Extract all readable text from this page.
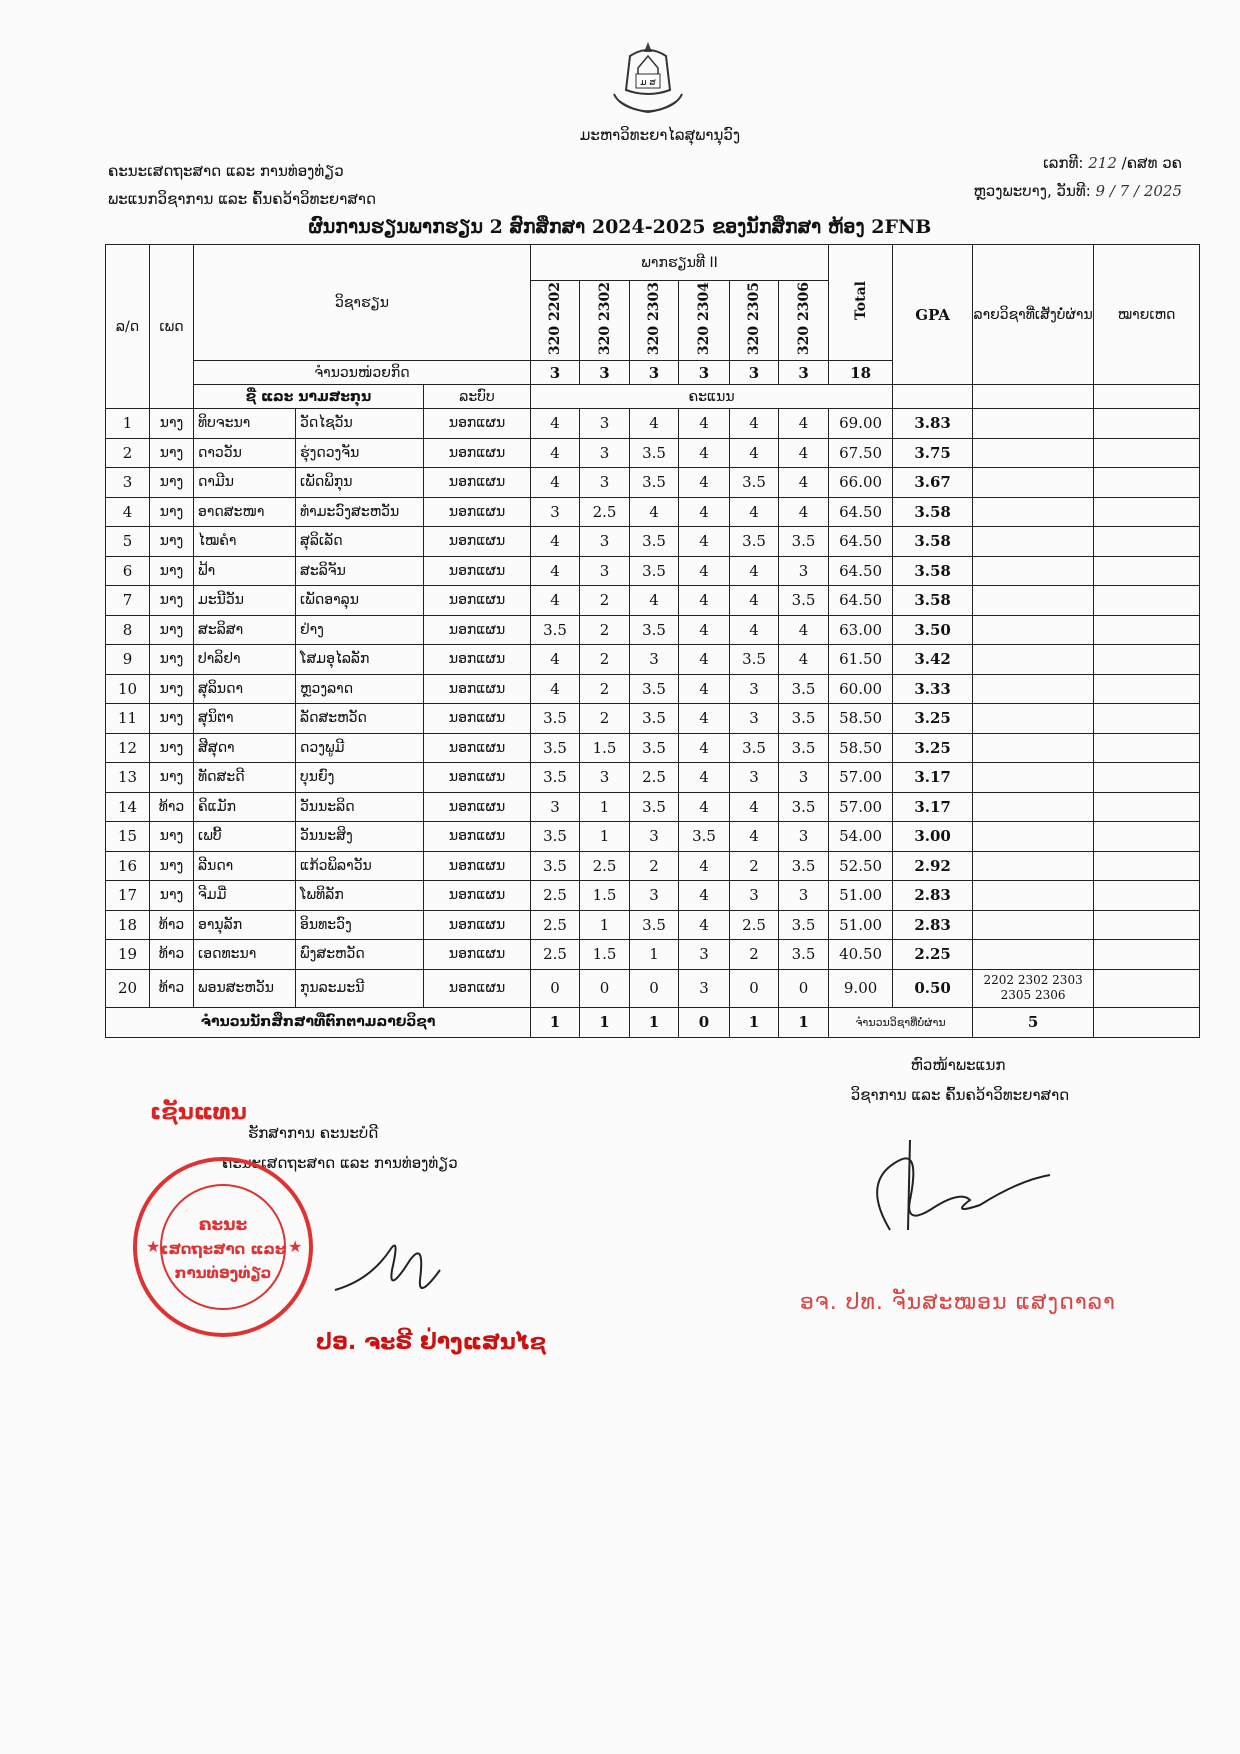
ມ ສ
ມະຫາວິທະຍາໄລສຸພານຸວົງ
ຄະນະເສດຖະສາດ ແລະ ການທ່ອງທ່ຽວ
ພະແນກວິຊາການ ແລະ ຄົ້ນຄວ້າວິທະຍາສາດ
ເລກທີ: 212 /ຄສທ ວຄ
ຫຼວງພະບາງ, ວັນທີ: 9 / 7 / 2025
ຜົນການຮຽນພາກຮຽນ 2 ສົກສຶກສາ 2024-2025 ຂອງນັກສຶກສາ ຫ້ອງ 2FNB
ລ/ດ	ເພດ	ວິຊາຮຽນ			ພາກຮຽນທີ II						Total	GPA	ລາຍວິຊາທີ່ເສັງບໍ່ຜ່ານ	ໝາຍເຫດ
					320 2202	320 2302	320 2303	320 2304	320 2305	320 2306				
		ຈຳນວນໜ່ວຍກິດ			3	3	3	3	3	3	18			
		ຊື່ ແລະ ນາມສະກຸນ		ລະບົບ	ຄະແນນ									
1	ນາງ	ທິບຈະນາ	ວັດໄຊວັນ	ນອກແຜນ	4	3	4	4	4	4	69.00	3.83		
2	ນາງ	ດາວວັນ	ຮຸ່ງດວງຈັນ	ນອກແຜນ	4	3	3.5	4	4	4	67.50	3.75		
3	ນາງ	ດາມີນ	ເພັດພິກຸນ	ນອກແຜນ	4	3	3.5	4	3.5	4	66.00	3.67		
4	ນາງ	ອາດສະໜາ	ທຳມະວົງສະຫວັນ	ນອກແຜນ	3	2.5	4	4	4	4	64.50	3.58		
5	ນາງ	ໄໝຄຳ	ສຸລິເລັດ	ນອກແຜນ	4	3	3.5	4	3.5	3.5	64.50	3.58		
6	ນາງ	ຟ້າ	ສະລິຈັນ	ນອກແຜນ	4	3	3.5	4	4	3	64.50	3.58		
7	ນາງ	ມະນີວັນ	ເພັດອາລຸນ	ນອກແຜນ	4	2	4	4	4	3.5	64.50	3.58		
8	ນາງ	ສະລິສາ	ຢ່າງ	ນອກແຜນ	3.5	2	3.5	4	4	4	63.00	3.50		
9	ນາງ	ປາລິຢາ	ໂສມອຸໄລລັກ	ນອກແຜນ	4	2	3	4	3.5	4	61.50	3.42		
10	ນາງ	ສຸລິນດາ	ຫຼວງລາດ	ນອກແຜນ	4	2	3.5	4	3	3.5	60.00	3.33		
11	ນາງ	ສຸນິຕາ	ລັດສະຫວັດ	ນອກແຜນ	3.5	2	3.5	4	3	3.5	58.50	3.25		
12	ນາງ	ສີສຸດາ	ດວງພູມີ	ນອກແຜນ	3.5	1.5	3.5	4	3.5	3.5	58.50	3.25		
13	ນາງ	ທັດສະດີ	ບຸນຍົງ	ນອກແຜນ	3.5	3	2.5	4	3	3	57.00	3.17		
14	ທ້າວ	ຄິແມັກ	ວັນນະລິດ	ນອກແຜນ	3	1	3.5	4	4	3.5	57.00	3.17		
15	ນາງ	ເພບີ້	ວັນນະສິງ	ນອກແຜນ	3.5	1	3	3.5	4	3	54.00	3.00		
16	ນາງ	ລີນດາ	ແກ້ວພິລາວັນ	ນອກແຜນ	3.5	2.5	2	4	2	3.5	52.50	2.92		
17	ນາງ	ຈີມມີ່	ໂພທິລັກ	ນອກແຜນ	2.5	1.5	3	4	3	3	51.00	2.83		
18	ທ້າວ	ອານຸລັກ	ອິນທະວົງ	ນອກແຜນ	2.5	1	3.5	4	2.5	3.5	51.00	2.83		
19	ທ້າວ	ເອດທະນາ	ພົງສະຫວັດ	ນອກແຜນ	2.5	1.5	1	3	2	3.5	40.50	2.25		
20	ທ້າວ	ພອນສະຫວັນ	ກຸນລະມະນີ	ນອກແຜນ	0	0	0	3	0	0	9.00	0.50	2202 2302 2303 2305 2306	
ຈຳນວນນັກສຶກສາທີ່ຕົກຕາມລາຍວິຊາ					1	1	1	0	1	1	ຈຳນວນວິຊາທີ່ບໍ່ຜ່ານ		5	
ຫົວໜ້າພະແນກ
ວິຊາການ ແລະ ຄົ້ນຄວ້າວິທະຍາສາດ
ອຈ. ປທ. ຈັນສະໝອນ ແສງດາລາ
ເຊັນແທນ
ຮັກສາການ ຄະນະບໍດີ
ຄະນະເສດຖະສາດ ແລະ ການທ່ອງທ່ຽວ
ຄະນະ
ເສດຖະສາດ ແລະ
ການທ່ອງທ່ຽວ
★	★
ປອ. ຈະຣີ ຢ່າງແສນໄຊ
